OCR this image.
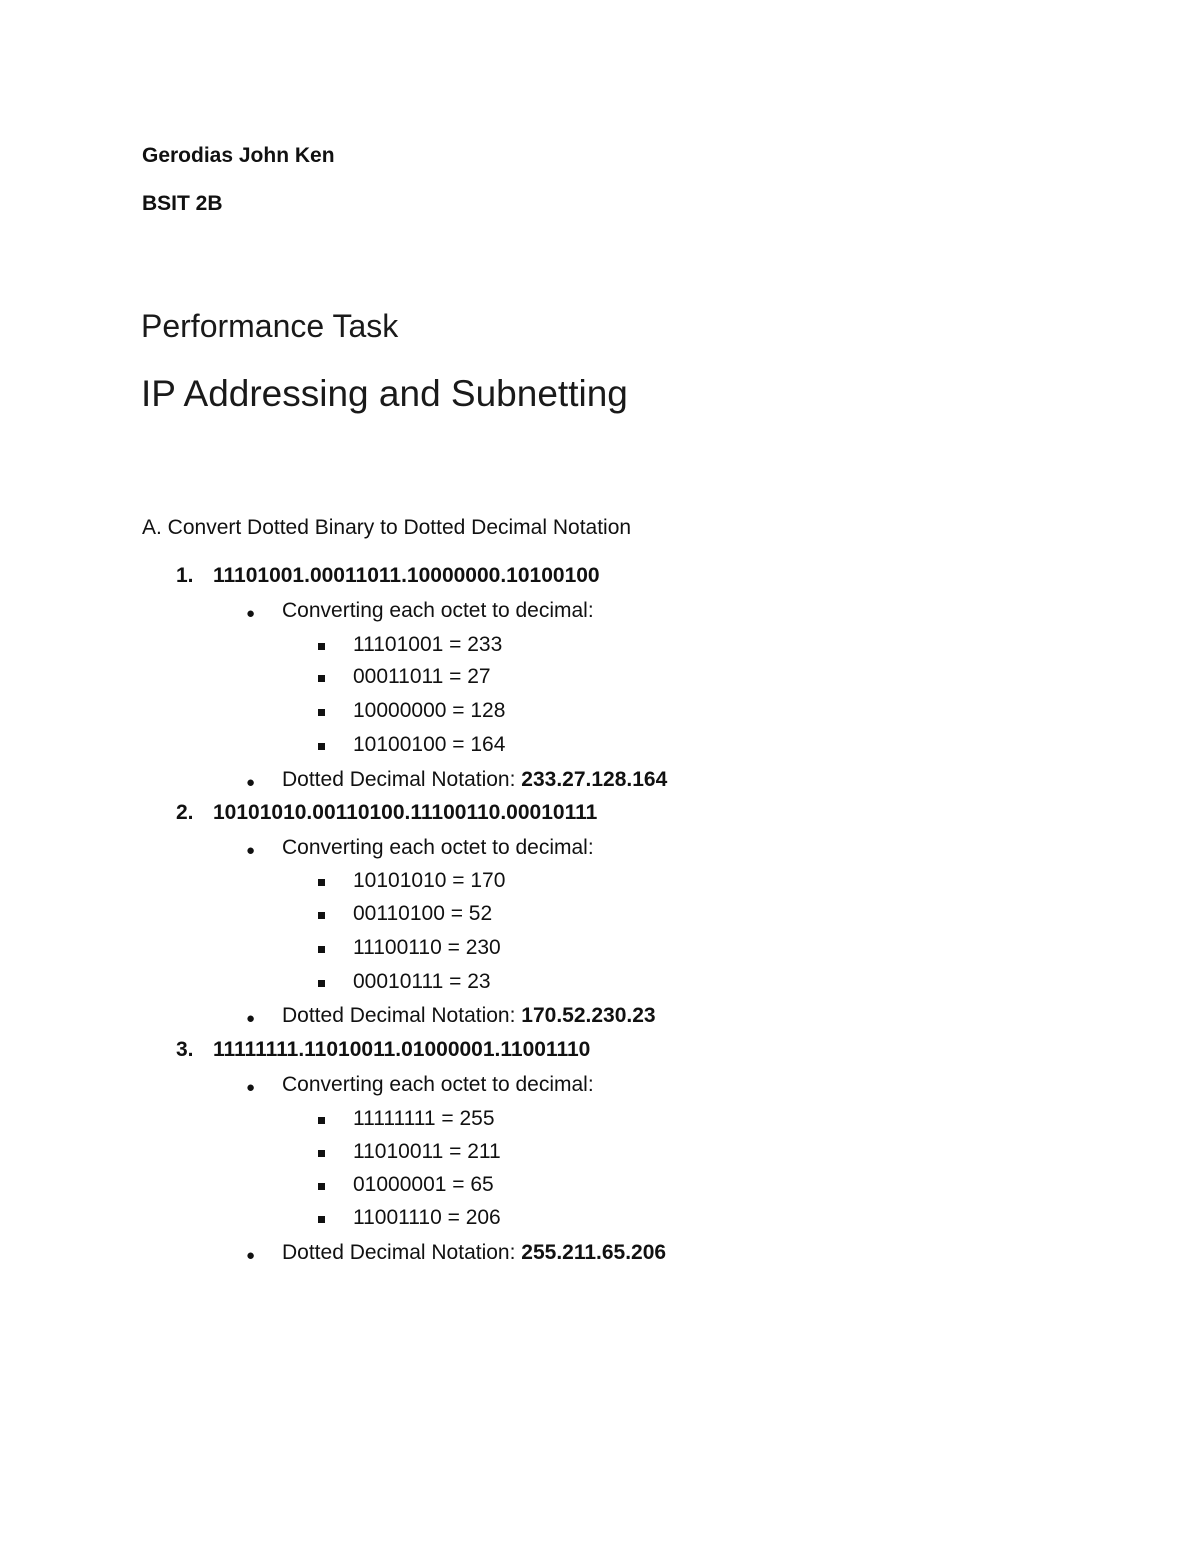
Gerodias John Ken
BSIT 2B
Performance Task
IP Addressing and Subnetting
A. Convert Dotted Binary to Dotted Decimal Notation
1. 11101001.00011011.10000000.10100100
● Converting each octet to decimal:
11101001 = 233
00011011 = 27
10000000 = 128
10100100 = 164
● Dotted Decimal Notation: 233.27.128.164
2. 10101010.00110100.11100110.00010111
● Converting each octet to decimal:
10101010 = 170
00110100 = 52
11100110 = 230
00010111 = 23
● Dotted Decimal Notation: 170.52.230.23
3. 11111111.11010011.01000001.11001110
● Converting each octet to decimal:
11111111 = 255
11010011 = 211
01000001 = 65
11001110 = 206
● Dotted Decimal Notation: 255.211.65.206
